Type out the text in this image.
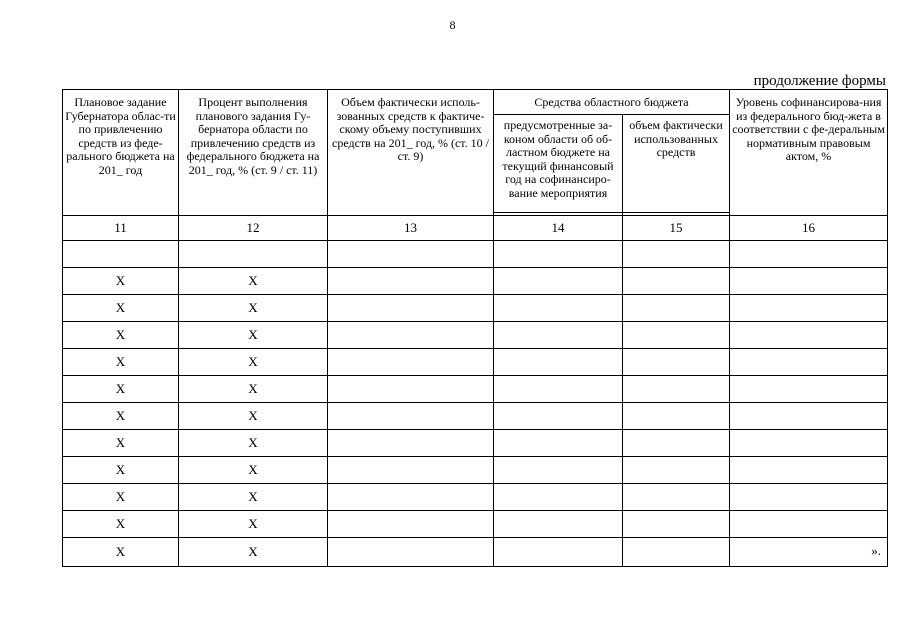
8
продолжение формы
Плановое задание Губернатора облас-ти по привлечению средств из феде-рального бюджета на 201_ год	Процент выполнения планового задания Гу-бернатора области по привлечению средств из федерального бюджета на 201_ год, % (ст. 9 / ст. 11)	Объем фактически исполь-зованных средств к фактиче-скому объему поступивших средств на 201_ год, % (ст. 10 / ст. 9)	Средства областного бюджета		Уровень софинансирова-ния из федерального бюд-жета в соответствии с фе-деральным нормативным правовым актом, %
			предусмотренные за-коном области об об-ластном бюджете на текущий финансовый год на софинансиро-вание мероприятия	объем фактически использованных средств	

11	12	13	14	15	16

X	X				
X	X				
X	X				
X	X				
X	X				
X	X				
X	X				
X	X				
X	X				
X	X				
X	X				».
